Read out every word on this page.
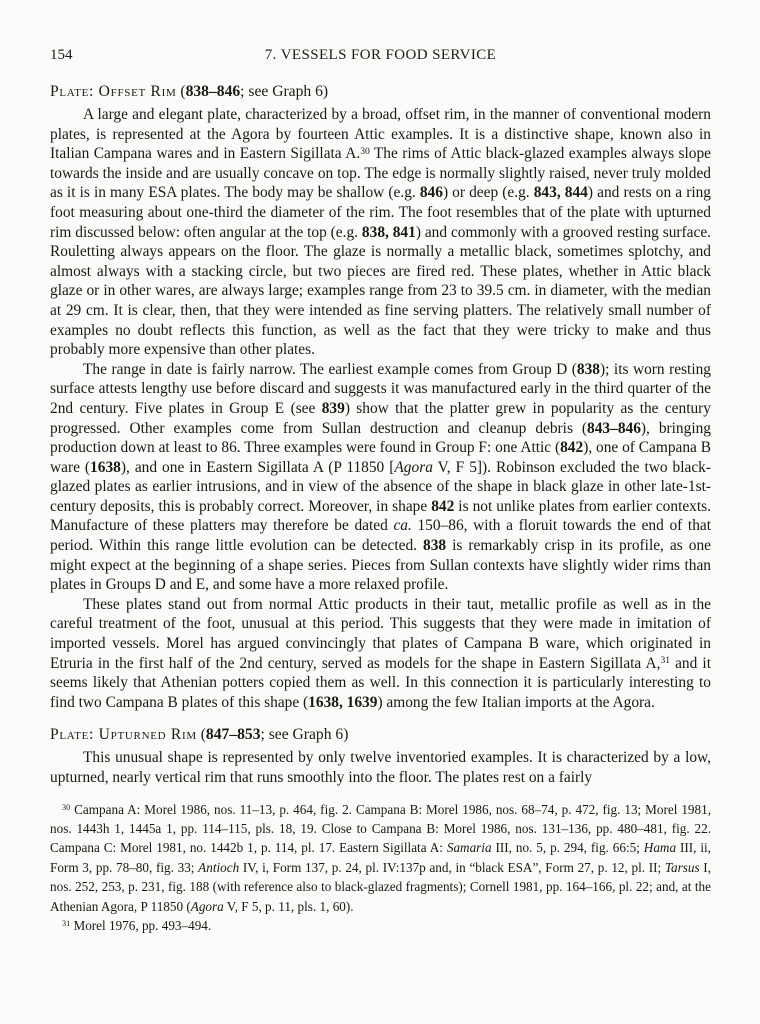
154	7. VESSELS FOR FOOD SERVICE
Plate: Offset Rim (838–846; see Graph 6)

A large and elegant plate, characterized by a broad, offset rim, in the manner of conventional modern plates, is represented at the Agora by fourteen Attic examples. It is a distinctive shape, known also in Italian Campana wares and in Eastern Sigillata A.$^{30}$ The rims of Attic black-glazed examples always slope towards the inside and are usually concave on top. The edge is normally slightly raised, never truly molded as it is in many ESA plates. The body may be shallow (e.g. 846) or deep (e.g. 843, 844) and rests on a ring foot measuring about one-third the diameter of the rim. The foot resembles that of the plate with upturned rim discussed below: often angular at the top (e.g. 838, 841) and commonly with a grooved resting surface. Rouletting always appears on the floor. The glaze is normally a metallic black, sometimes splotchy, and almost always with a stacking circle, but two pieces are fired red. These plates, whether in Attic black glaze or in other wares, are always large; examples range from 23 to 39.5 cm. in diameter, with the median at 29 cm. It is clear, then, that they were intended as fine serving platters. The relatively small number of examples no doubt reflects this function, as well as the fact that they were tricky to make and thus probably more expensive than other plates.

The range in date is fairly narrow. The earliest example comes from Group D (838); its worn resting surface attests lengthy use before discard and suggests it was manufactured early in the third quarter of the 2nd century. Five plates in Group E (see 839) show that the platter grew in popularity as the century progressed. Other examples come from Sullan destruction and cleanup debris (843–846), bringing production down at least to 86. Three examples were found in Group F: one Attic (842), one of Campana B ware (1638), and one in Eastern Sigillata A (P 11850 [Agora V, F 5]). Robinson excluded the two black-glazed plates as earlier intrusions, and in view of the absence of the shape in black glaze in other late-1st-century deposits, this is probably correct. Moreover, in shape 842 is not unlike plates from earlier contexts. Manufacture of these platters may therefore be dated ca. 150–86, with a floruit towards the end of that period. Within this range little evolution can be detected. 838 is remarkably crisp in its profile, as one might expect at the beginning of a shape series. Pieces from Sullan contexts have slightly wider rims than plates in Groups D and E, and some have a more relaxed profile.

These plates stand out from normal Attic products in their taut, metallic profile as well as in the careful treatment of the foot, unusual at this period. This suggests that they were made in imitation of imported vessels. Morel has argued convincingly that plates of Campana B ware, which originated in Etruria in the first half of the 2nd century, served as models for the shape in Eastern Sigillata A,$^{31}$ and it seems likely that Athenian potters copied them as well. In this connection it is particularly interesting to find two Campana B plates of this shape (1638, 1639) among the few Italian imports at the Agora.

Plate: Upturned Rim (847–853; see Graph 6)

This unusual shape is represented by only twelve inventoried examples. It is characterized by a low, upturned, nearly vertical rim that runs smoothly into the floor. The plates rest on a fairly

$^{30}$ Campana A: Morel 1986, nos. 11–13, p. 464, fig. 2. Campana B: Morel 1986, nos. 68–74, p. 472, fig. 13; Morel 1981, nos. 1443h 1, 1445a 1, pp. 114–115, pls. 18, 19. Close to Campana B: Morel 1986, nos. 131–136, pp. 480–481, fig. 22. Campana C: Morel 1981, no. 1442b 1, p. 114, pl. 17. Eastern Sigillata A: Samaria III, no. 5, p. 294, fig. 66:5; Hama III, ii, Form 3, pp. 78–80, fig. 33; Antioch IV, i, Form 137, p. 24, pl. IV:137p and, in “black ESA”, Form 27, p. 12, pl. II; Tarsus I, nos. 252, 253, p. 231, fig. 188 (with reference also to black-glazed fragments); Cornell 1981, pp. 164–166, pl. 22; and, at the Athenian Agora, P 11850 (Agora V, F 5, p. 11, pls. 1, 60).

$^{31}$ Morel 1976, pp. 493–494.
